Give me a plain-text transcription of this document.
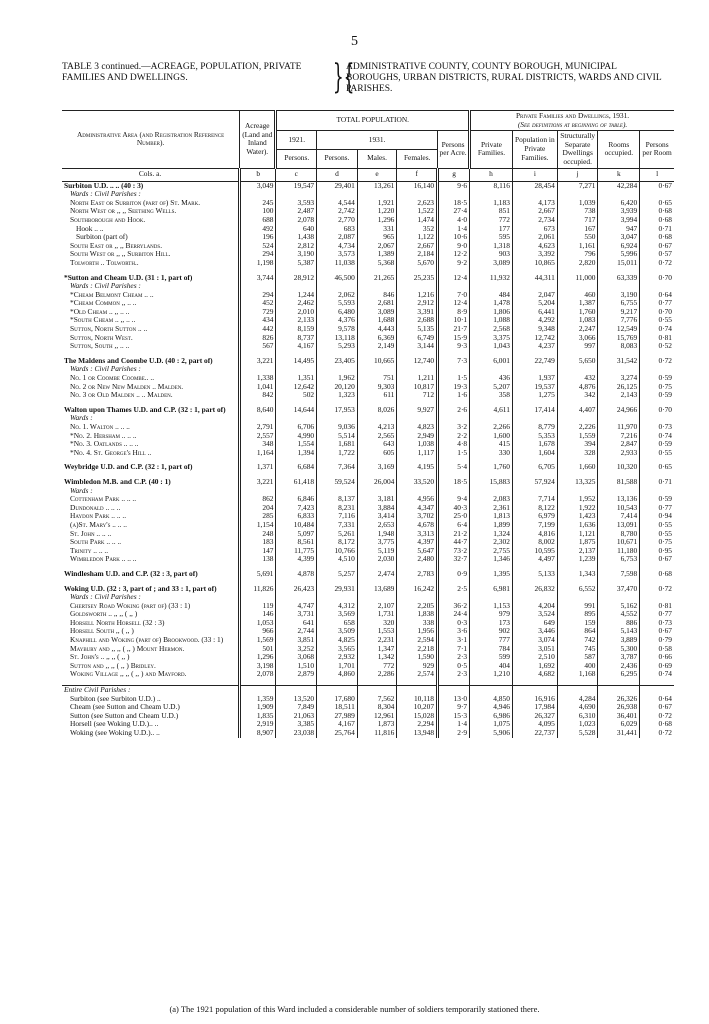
5
TABLE 3 continued.—ACREAGE, POPULATION, PRIVATE FAMILIES AND DWELLINGS.	}{
ADMINISTRATIVE COUNTY, COUNTY BOROUGH, MUNICIPAL BOROUGHS, URBAN DISTRICTS, RURAL DISTRICTS, WARDS AND CIVIL PARISHES.
Administrative Area (and Registration Reference Number).	Acreage (Land and Inland Water).	TOTAL POPULATION.					Private Families and Dwellings, 1931.
(See definitions at beginning of table).				
		1921.	1931.			Persons per Acre.	Private Families.	Population in Private Families.	Structurally Separate Dwellings occupied.	Rooms occupied.	Persons per Room
		Persons.	Persons.	Males.	Females.						
Cols. a.	b	c	d	e	f	g	h	i	j	k	l
Surbiton U.D. .. .. (40 : 3)	3,049	19,547	29,401	13,261	16,140	9·6	8,116	28,454	7,271	42,284	0·67
Wards : Civil Parishes :											
North East or Surbiton (part of) St. Mark.	245	3,593	4,544	1,921	2,623	18·5	1,183	4,173	1,039	6,420	0·65
North West or ,, ,, Seething Wells.	100	2,487	2,742	1,220	1,522	27·4	851	2,667	738	3,939	0·68
Southborough and Hook.	688	2,078	2,770	1,296	1,474	4·0	772	2,734	717	3,994	0·68
Hook .. ..	492	640	683	331	352	1·4	177	673	167	947	0·71
Surbiton (part of)	196	1,438	2,087	965	1,122	10·6	595	2,061	550	3,047	0·68
South East or ,, ,, Berrylands.	524	2,812	4,734	2,067	2,667	9·0	1,318	4,623	1,161	6,924	0·67
South West or ,, ,, Surbiton Hill.	294	3,190	3,573	1,389	2,184	12·2	903	3,392	796	5,996	0·57
Tolworth .. Tolworth..	1,198	5,387	11,038	5,368	5,670	9·2	3,089	10,865	2,820	15,011	0·72

*Sutton and Cheam U.D. (31 : 1, part of)	3,744	28,912	46,500	21,265	25,235	12·4	11,932	44,311	11,000	63,339	0·70
Wards : Civil Parishes :											
*Cheam Belmont Cheam .. ..	294	1,244	2,062	846	1,216	7·0	484	2,047	460	3,190	0·64
*Cheam Common ,, .. ..	452	2,462	5,593	2,681	2,912	12·4	1,478	5,204	1,387	6,755	0·77
*Old Cheam .. ,, .. ..	729	2,010	6,480	3,089	3,391	8·9	1,806	6,441	1,760	9,217	0·70
*South Cheam .. ,, .. ..	434	2,133	4,376	1,688	2,688	10·1	1,088	4,292	1,083	7,776	0·55
Sutton, North Sutton .. ..	442	8,159	9,578	4,443	5,135	21·7	2,568	9,348	2,247	12,549	0·74
Sutton, North West.	826	8,737	13,118	6,369	6,749	15·9	3,375	12,742	3,066	15,769	0·81
Sutton, South ,, .. ..	567	4,167	5,293	2,149	3,144	9·3	1,043	4,237	997	8,083	0·52

The Maldens and Coombe U.D. (40 : 2, part of)	3,221	14,495	23,405	10,665	12,740	7·3	6,001	22,749	5,650	31,542	0·72
Wards : Civil Parishes :											
No. 1 or Coombe Coombe.. ..	1,338	1,351	1,962	751	1,211	1·5	436	1,937	432	3,274	0·59
No. 2 or New New Malden .. Malden.	1,041	12,642	20,120	9,303	10,817	19·3	5,207	19,537	4,876	26,125	0·75
No. 3 or Old Malden .. .. Malden.	842	502	1,323	611	712	1·6	358	1,275	342	2,143	0·59

Walton upon Thames U.D. and C.P. (32 : 1, part of)	8,640	14,644	17,953	8,026	9,927	2·6	4,611	17,414	4,407	24,966	0·70
Wards :											
No. 1. Walton .. .. ..	2,791	6,706	9,036	4,213	4,823	3·2	2,266	8,779	2,226	11,970	0·73
*No. 2. Hersham .. .. ..	2,557	4,990	5,514	2,565	2,949	2·2	1,600	5,353	1,559	7,216	0·74
*No. 3. Oatlands .. .. ..	348	1,554	1,681	643	1,038	4·8	415	1,678	394	2,847	0·59
*No. 4. St. George's Hill ..	1,164	1,394	1,722	605	1,117	1·5	330	1,604	328	2,933	0·55

Weybridge U.D. and C.P. (32 : 1, part of)	1,371	6,684	7,364	3,169	4,195	5·4	1,760	6,705	1,660	10,320	0·65

Wimbledon M.B. and C.P. (40 : 1)	3,221	61,418	59,524	26,004	33,520	18·5	15,883	57,924	13,325	81,588	0·71
Wards :											
Cottenham Park .. .. ..	862	6,846	8,137	3,181	4,956	9·4	2,083	7,714	1,952	13,136	0·59
Dundonald .. .. ..	204	7,423	8,231	3,884	4,347	40·3	2,361	8,122	1,922	10,543	0·77
Haydon Park .. .. ..	285	6,833	7,116	3,414	3,702	25·0	1,813	6,979	1,423	7,414	0·94
(a)St. Mary's .. .. ..	1,154	10,484	7,331	2,653	4,678	6·4	1,899	7,199	1,636	13,091	0·55
St. John .. .. ..	248	5,097	5,261	1,948	3,313	21·2	1,324	4,816	1,121	8,780	0·55
South Park .. .. ..	183	8,561	8,172	3,775	4,397	44·7	2,302	8,002	1,875	10,671	0·75
Trinity .. .. ..	147	11,775	10,766	5,119	5,647	73·2	2,755	10,595	2,137	11,180	0·95
Wimbledon Park .. .. ..	138	4,399	4,510	2,030	2,480	32·7	1,346	4,497	1,239	6,753	0·67

Windlesham U.D. and C.P. (32 : 3, part of)	5,691	4,878	5,257	2,474	2,783	0·9	1,395	5,133	1,343	7,598	0·68

Woking U.D. (32 : 3, part of ; and 33 : 1, part of)	11,826	26,423	29,931	13,689	16,242	2·5	6,981	26,832	6,552	37,470	0·72
Wards : Civil Parishes :											
Chertsey Road Woking (part of) (33 : 1)	119	4,747	4,312	2,107	2,205	36·2	1,153	4,204	991	5,162	0·81
Goldsworth .. ,, ,, ( ,, )	146	3,731	3,569	1,731	1,838	24·4	979	3,524	895	4,552	0·77
Horsell North Horsell (32 : 3)	1,053	641	658	320	338	0·3	173	649	159	886	0·73
Horsell South ,, ( ,, )	966	2,744	3,509	1,553	1,956	3·6	902	3,446	864	5,143	0·67
Knaphill and Woking (part of) Brookwood. (33 : 1)	1,569	3,851	4,825	2,231	2,594	3·1	777	3,074	742	3,889	0·79
Maybury and ,, ,, ( ,, ) Mount Hermon.	501	3,252	3,565	1,347	2,218	7·1	784	3,051	745	5,300	0·58
St. John's .. ,, ,, ( ,, )	1,296	3,068	2,932	1,342	1,590	2·3	599	2,510	587	3,787	0·66
Sutton and ,, ,, ( ,, ) Bridley.	3,198	1,510	1,701	772	929	0·5	404	1,692	400	2,436	0·69
Woking Village ,, ,, ( ,, ) and Mayford.	2,078	2,879	4,860	2,286	2,574	2·3	1,210	4,682	1,168	6,295	0·74

Entire Civil Parishes :											
Surbiton (see Surbiton U.D.) ..	1,359	13,520	17,680	7,562	10,118	13·0	4,850	16,916	4,284	26,326	0·64
Cheam (see Sutton and Cheam U.D.)	1,909	7,849	18,511	8,304	10,207	9·7	4,946	17,984	4,690	26,938	0·67
Sutton (see Sutton and Cheam U.D.)	1,835	21,063	27,989	12,961	15,028	15·3	6,986	26,327	6,310	36,401	0·72
Horsell (see Woking U.D.).. ..	2,919	3,385	4,167	1,873	2,294	1·4	1,075	4,095	1,023	6,029	0·68
Woking (see Woking U.D.).. ..	8,907	23,038	25,764	11,816	13,948	2·9	5,906	22,737	5,528	31,441	0·72
(a) The 1921 population of this Ward included a considerable number of soldiers temporarily stationed there.
